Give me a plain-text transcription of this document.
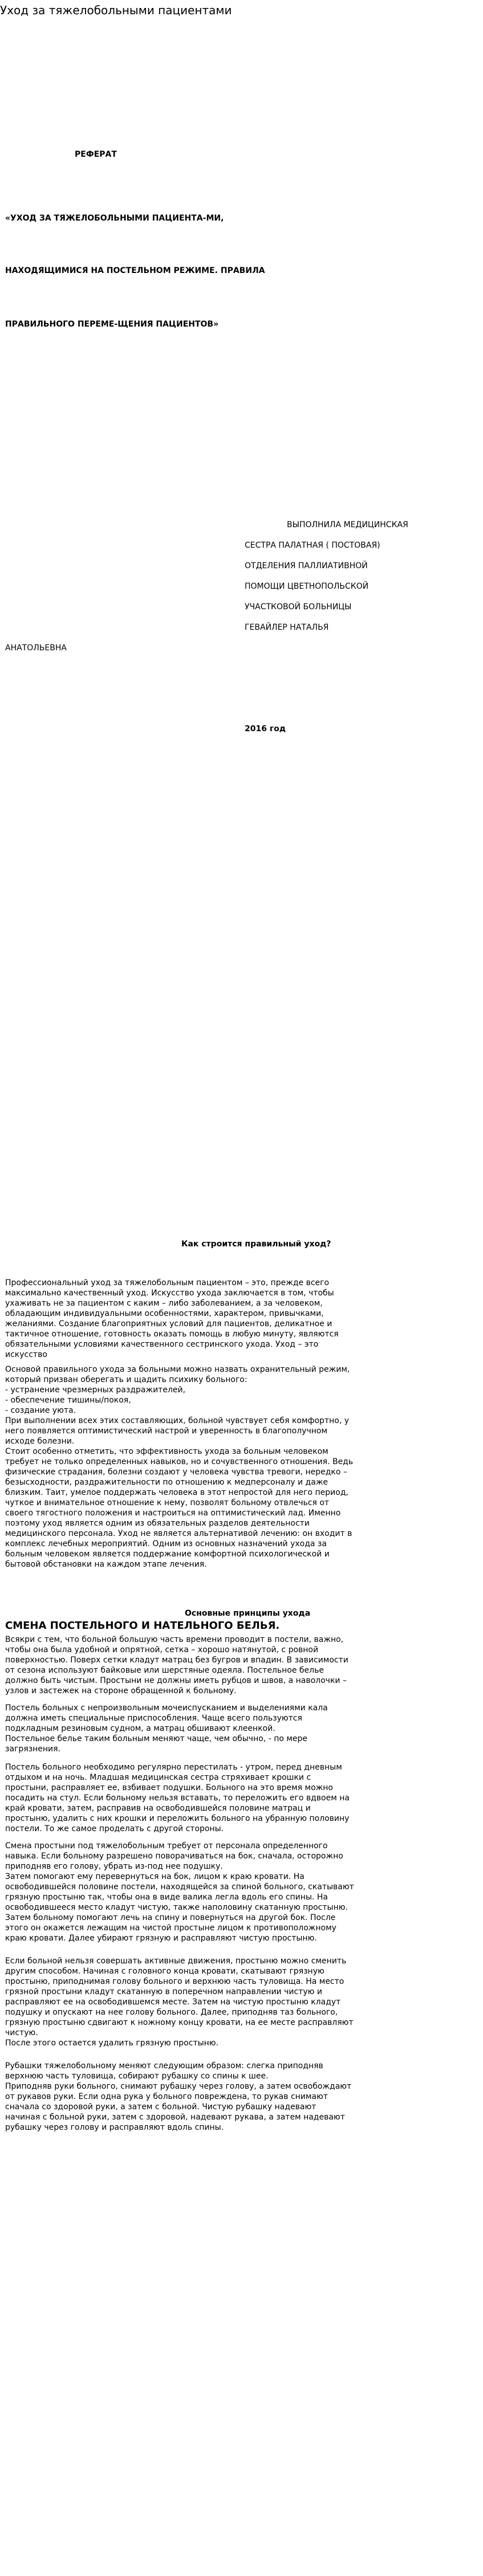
Уход за тяжелобольными пациентами
РЕФЕРАТ
«УХОД ЗА ТЯЖЕЛОБОЛЬНЫМИ ПАЦИЕНТА-МИ,
НАХОДЯЩИМИСЯ НА ПОСТЕЛЬНОМ РЕЖИМЕ. ПРАВИЛА
ПРАВИЛЬНОГО ПЕРЕМЕ-ЩЕНИЯ ПАЦИЕНТОВ»
ВЫПОЛНИЛА МЕДИЦИНСКАЯ
СЕСТРА ПАЛАТНАЯ ( ПОСТОВАЯ)
ОТДЕЛЕНИЯ ПАЛЛИАТИВНОЙ
ПОМОЩИ ЦВЕТНОПОЛЬСКОЙ
УЧАСТКОВОЙ БОЛЬНИЦЫ
ГЕВАЙЛЕР НАТАЛЬЯ
АНАТОЛЬЕВНА
2016 год
Как строится правильный уход?
Профессиональный уход за тяжелобольным пациентом – это, прежде всего
максимально качественный уход. Искусство ухода заключается в том, чтобы
ухаживать не за пациентом с каким – либо заболеванием, а за человеком,
обладающим индивидуальными особенностями, характером, привычками,
желаниями. Создание благоприятных условий для пациентов, деликатное и
тактичное отношение, готовность оказать помощь в любую минуту, являются
обязательными условиями качественного сестринского ухода. Уход – это
искусство
Основой правильного ухода за больными можно назвать охранительный режим,
который призван оберегать и щадить психику больного:
- устранение чрезмерных раздражителей,
- обеспечение тишины/покоя,
- создание уюта.
При выполнении всех этих составляющих, больной чувствует себя комфортно, у
него появляется оптимистический настрой и уверенность в благополучном
исходе болезни.
Стоит особенно отметить, что эффективность ухода за больным человеком
требует не только определенных навыков, но и сочувственного отношения. Ведь
физические страдания, болезни создают у человека чувства тревоги, нередко –
безысходности, раздражительности по отношению к медперсоналу и даже
близким. Таит, умелое поддержать человека в этот непростой для него период,
чуткое и внимательное отношение к нему, позволят больному отвлечься от
своего тягостного положения и настроиться на оптимистический лад. Именно
поэтому уход является одним из обязательных разделов деятельности
медицинского персонала. Уход не является альтернативой лечению: он входит в
комплекс лечебных мероприятий. Одним из основных назначений ухода за
больным человеком является поддержание комфортной психологической и
бытовой обстановки на каждом этапе лечения.
Основные принципы ухода
СМЕНА ПОСТЕЛЬНОГО И НАТЕЛЬНОГО БЕЛЬЯ.
Всякри с тем, что больной большую часть времени проводит в постели, важно,
чтобы она была удобной и опрятной, сетка – хорошо натянутой, с ровной
поверхностью. Поверх сетки кладут матрац без бугров и впадин. В зависимости
от сезона используют байковые или шерстяные одеяла. Постельное белье
должно быть чистым. Простыни не должны иметь рубцов и швов, а наволочки –
узлов и застежек на стороне обращенной к больному.
Постель больных с непроизвольным мочеиспусканием и выделениями кала
должна иметь специальные приспособления. Чаще всего пользуются
подкладным резиновым судном, а матрац обшивают клеенкой.
Постельное белье таким больным меняют чаще, чем обычно, - по мере
загрязнения.
Постель больного необходимо регулярно перестилать - утром, перед дневным
отдыхом и на ночь. Младшая медицинская сестра стряхивает крошки с
простыни, расправляет ее, взбивает подушки. Больного на это время можно
посадить на стул. Если больному нельзя вставать, то переложить его вдвоем на
край кровати, затем, расправив на освободившейся половине матрац и
простыню, удалить с них крошки и переложить больного на убранную половину
постели. То же самое проделать с другой стороны.
Смена простыни под тяжелобольным требует от персонала определенного
навыка. Если больному разрешено поворачиваться на бок, сначала, осторожно
приподняв его голову, убрать из-под нее подушку.
Затем помогают ему перевернуться на бок, лицом к краю кровати. На
освободившейся половине постели, находящейся за спиной больного, скатывают
грязную простыню так, чтобы она в виде валика легла вдоль его спины. На
освободившееся место кладут чистую, также наполовину скатанную простыню.
Затем больному помогают лечь на спину и повернуться на другой бок. После
этого он окажется лежащим на чистой простыне лицом к противоположному
краю кровати. Далее убирают грязную и расправляют чистую простыню.
Если больной нельзя совершать активные движения, простыню можно сменить
другим способом. Начиная с головного конца кровати, скатывают грязную
простыню, приподнимая голову больного и верхнюю часть туловища. На место
грязной простыни кладут скатанную в поперечном направлении чистую и
расправляют ее на освободившемся месте. Затем на чистую простыню кладут
подушку и опускают на нее голову больного. Далее, приподняв таз больного,
грязную простыню сдвигают к ножному концу кровати, на ее месте расправляют
чистую.
После этого остается удалить грязную простыню.
Рубашки тяжелобольному меняют следующим образом: слегка приподняв
верхнюю часть туловища, собирают рубашку со спины к шее.
Приподняв руки больного, снимают рубашку через голову, а затем освобождают
от рукавов руки. Если одна рука у больного повреждена, то рукав снимают
сначала со здоровой руки, а затем с больной. Чистую рубашку надевают
начиная с больной руки, затем с здоровой, надевают рукава, а затем надевают
рубашку через голову и расправляют вдоль спины.
